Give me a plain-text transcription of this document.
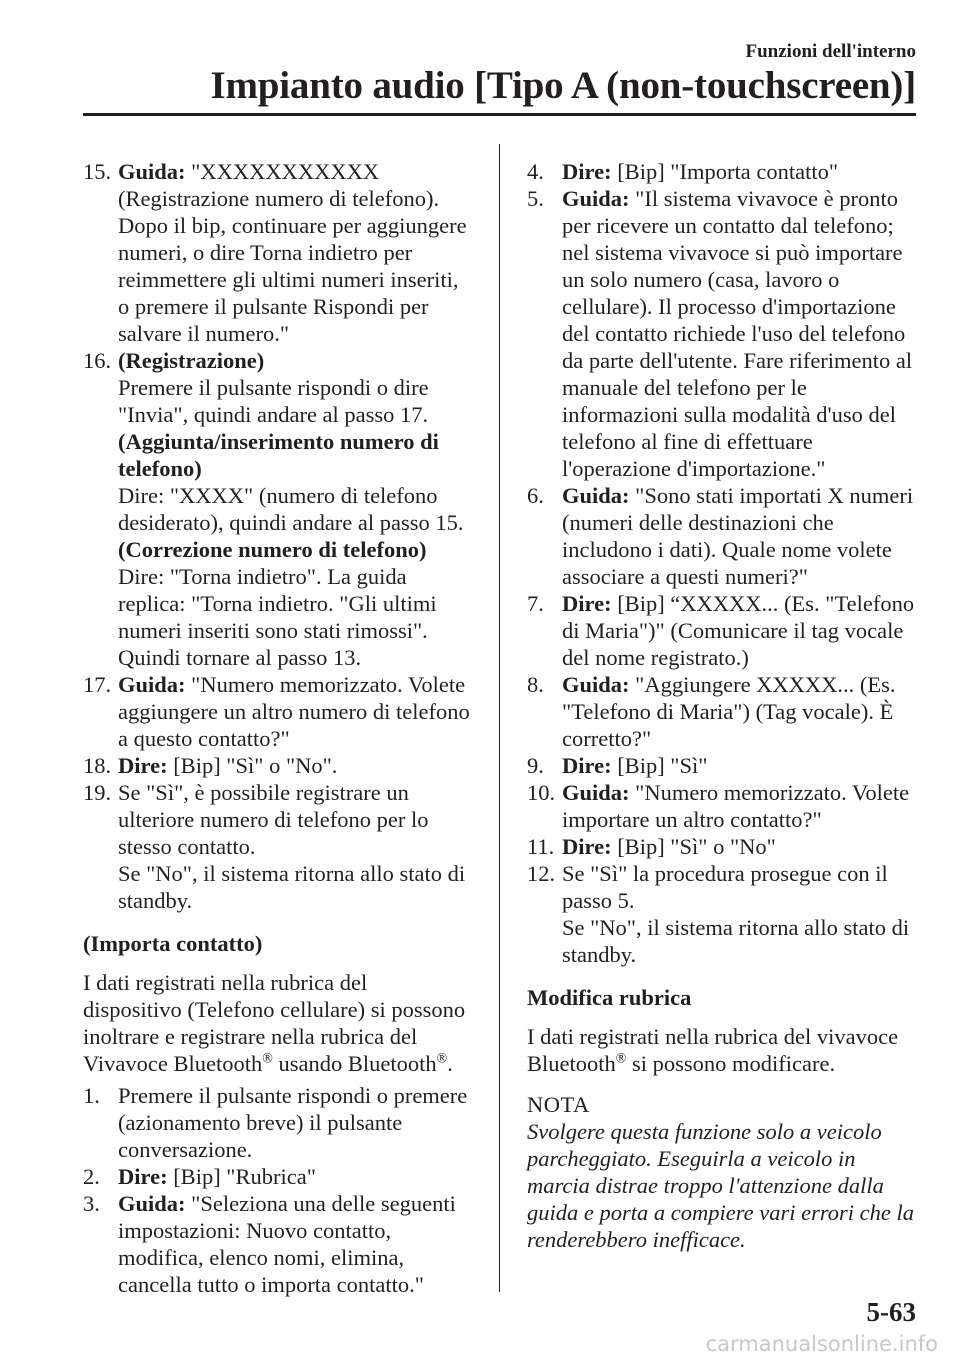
Funzioni dell'interno
Impianto audio [Tipo A (non-touchscreen)]
15. Guida: "XXXXXXXXXXX
(Registrazione numero di telefono).
Dopo il bip, continuare per aggiungere
numeri, o dire Torna indietro per
reimmettere gli ultimi numeri inseriti,
o premere il pulsante Rispondi per
salvare il numero."
16. (Registrazione)
Premere il pulsante rispondi o dire
"Invia", quindi andare al passo 17.
(Aggiunta/inserimento numero di
telefono)
Dire: "XXXX" (numero di telefono
desiderato), quindi andare al passo 15.
(Correzione numero di telefono)
Dire: "Torna indietro". La guida
replica: "Torna indietro. "Gli ultimi
numeri inseriti sono stati rimossi".
Quindi tornare al passo 13.
17. Guida: "Numero memorizzato. Volete
aggiungere un altro numero di telefono
a questo contatto?"
18. Dire: [Bip] "Sì" o "No".
19. Se "Sì", è possibile registrare un
ulteriore numero di telefono per lo
stesso contatto.
Se "No", il sistema ritorna allo stato di
standby.
(Importa contatto)
I dati registrati nella rubrica del
dispositivo (Telefono cellulare) si possono
inoltrare e registrare nella rubrica del
Vivavoce Bluetooth® usando Bluetooth®.
1. Premere il pulsante rispondi o premere
(azionamento breve) il pulsante
conversazione.
2. Dire: [Bip] "Rubrica"
3. Guida: "Seleziona una delle seguenti
impostazioni: Nuovo contatto,
modifica, elenco nomi, elimina,
cancella tutto o importa contatto."
4. Dire: [Bip] "Importa contatto"
5. Guida: "Il sistema vivavoce è pronto
per ricevere un contatto dal telefono;
nel sistema vivavoce si può importare
un solo numero (casa, lavoro o
cellulare). Il processo d'importazione
del contatto richiede l'uso del telefono
da parte dell'utente. Fare riferimento al
manuale del telefono per le
informazioni sulla modalità d'uso del
telefono al fine di effettuare
l'operazione d'importazione."
6. Guida: "Sono stati importati X numeri
(numeri delle destinazioni che
includono i dati). Quale nome volete
associare a questi numeri?"
7. Dire: [Bip] “XXXXX... (Es. "Telefono
di Maria")" (Comunicare il tag vocale
del nome registrato.)
8. Guida: "Aggiungere XXXXX... (Es.
"Telefono di Maria") (Tag vocale). È
corretto?"
9. Dire: [Bip] "Sì"
10. Guida: "Numero memorizzato. Volete
importare un altro contatto?"
11. Dire: [Bip] "Sì" o "No"
12. Se "Sì" la procedura prosegue con il
passo 5.
Se "No", il sistema ritorna allo stato di
standby.
Modifica rubrica
I dati registrati nella rubrica del vivavoce
Bluetooth® si possono modificare.
NOTA
Svolgere questa funzione solo a veicolo
parcheggiato. Eseguirla a veicolo in
marcia distrae troppo l'attenzione dalla
guida e porta a compiere vari errori che la
renderebbero inefficace.
5-63
carmanualsonline.info
